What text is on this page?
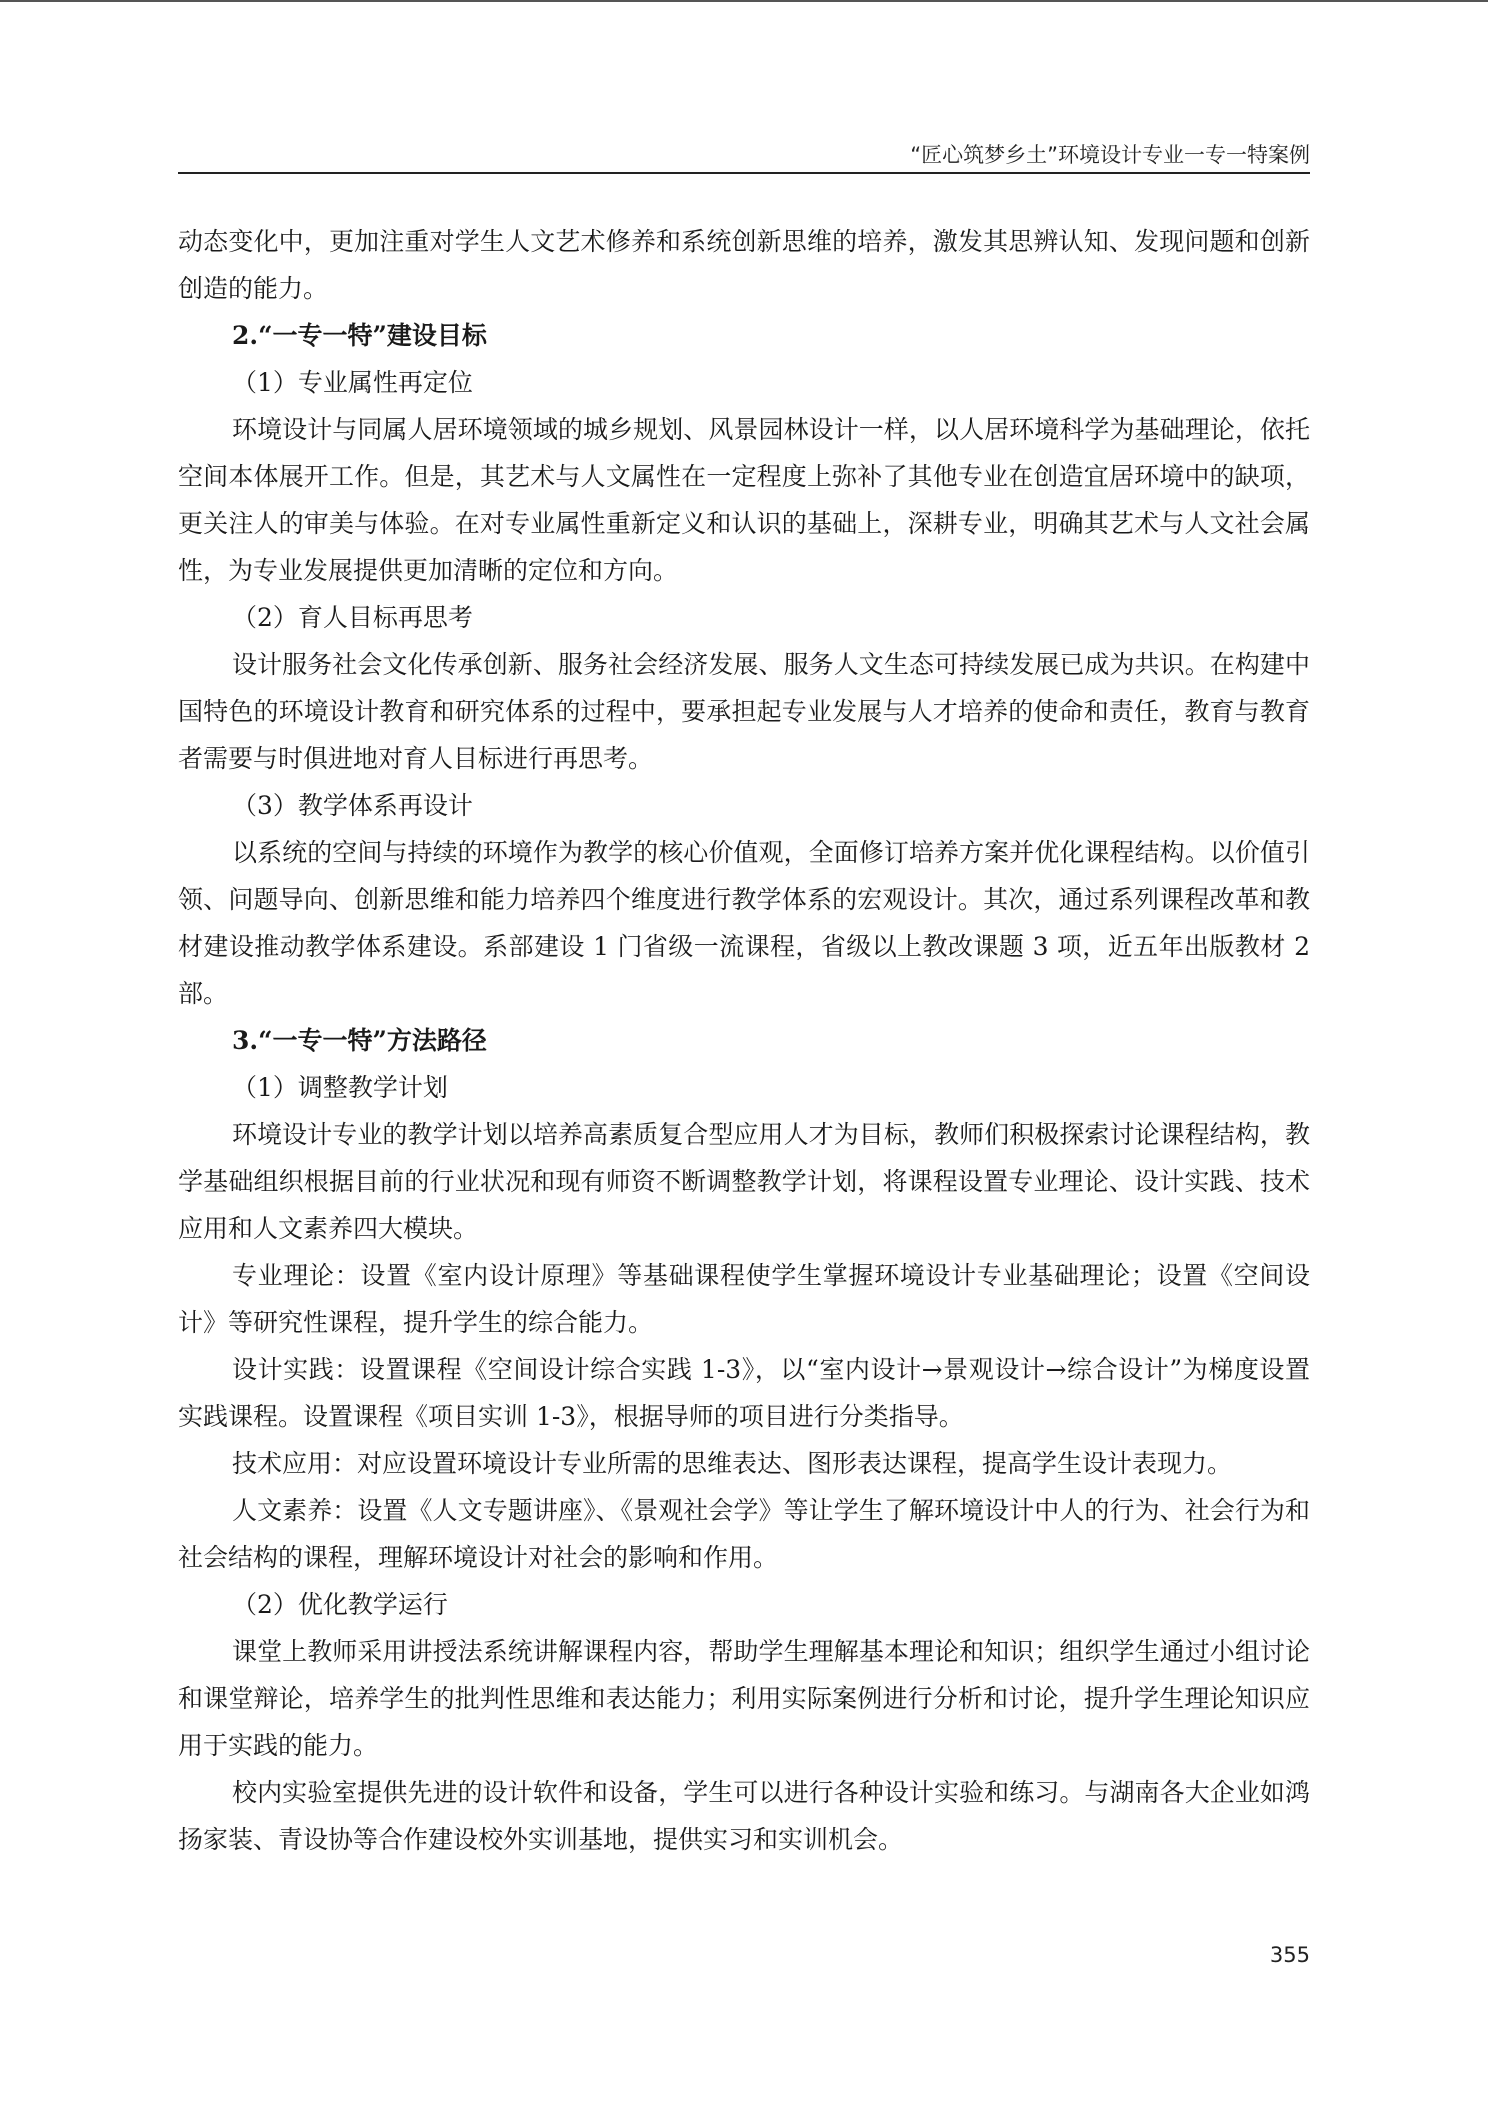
“匠心筑梦乡土”环境设计专业一专一特案例

动态变化中，更加注重对学生人文艺术修养和系统创新思维的培养，激发其思辨认知、发现问题和创新创造的能力。

2.“一专一特”建设目标

（1）专业属性再定位

环境设计与同属人居环境领域的城乡规划、风景园林设计一样，以人居环境科学为基础理论，依托空间本体展开工作。但是，其艺术与人文属性在一定程度上弥补了其他专业在创造宜居环境中的缺项，更关注人的审美与体验。在对专业属性重新定义和认识的基础上，深耕专业，明确其艺术与人文社会属性，为专业发展提供更加清晰的定位和方向。

（2）育人目标再思考

设计服务社会文化传承创新、服务社会经济发展、服务人文生态可持续发展已成为共识。在构建中国特色的环境设计教育和研究体系的过程中，要承担起专业发展与人才培养的使命和责任，教育与教育者需要与时俱进地对育人目标进行再思考。

（3）教学体系再设计

以系统的空间与持续的环境作为教学的核心价值观，全面修订培养方案并优化课程结构。以价值引领、问题导向、创新思维和能力培养四个维度进行教学体系的宏观设计。其次，通过系列课程改革和教材建设推动教学体系建设。系部建设 1 门省级一流课程，省级以上教改课题 3 项，近五年出版教材 2 部。

3.“一专一特”方法路径

（1）调整教学计划

环境设计专业的教学计划以培养高素质复合型应用人才为目标，教师们积极探索讨论课程结构，教学基础组织根据目前的行业状况和现有师资不断调整教学计划，将课程设置专业理论、设计实践、技术应用和人文素养四大模块。

专业理论：设置《室内设计原理》等基础课程使学生掌握环境设计专业基础理论；设置《空间设计》等研究性课程，提升学生的综合能力。

设计实践：设置课程《空间设计综合实践 1-3》，以“室内设计→景观设计→综合设计”为梯度设置实践课程。设置课程《项目实训 1-3》，根据导师的项目进行分类指导。

技术应用：对应设置环境设计专业所需的思维表达、图形表达课程，提高学生设计表现力。

人文素养：设置《人文专题讲座》、《景观社会学》等让学生了解环境设计中人的行为、社会行为和社会结构的课程，理解环境设计对社会的影响和作用。

（2）优化教学运行

课堂上教师采用讲授法系统讲解课程内容，帮助学生理解基本理论和知识；组织学生通过小组讨论和课堂辩论，培养学生的批判性思维和表达能力；利用实际案例进行分析和讨论，提升学生理论知识应用于实践的能力。

校内实验室提供先进的设计软件和设备，学生可以进行各种设计实验和练习。与湖南各大企业如鸿扬家装、青设协等合作建设校外实训基地，提供实习和实训机会。

355
